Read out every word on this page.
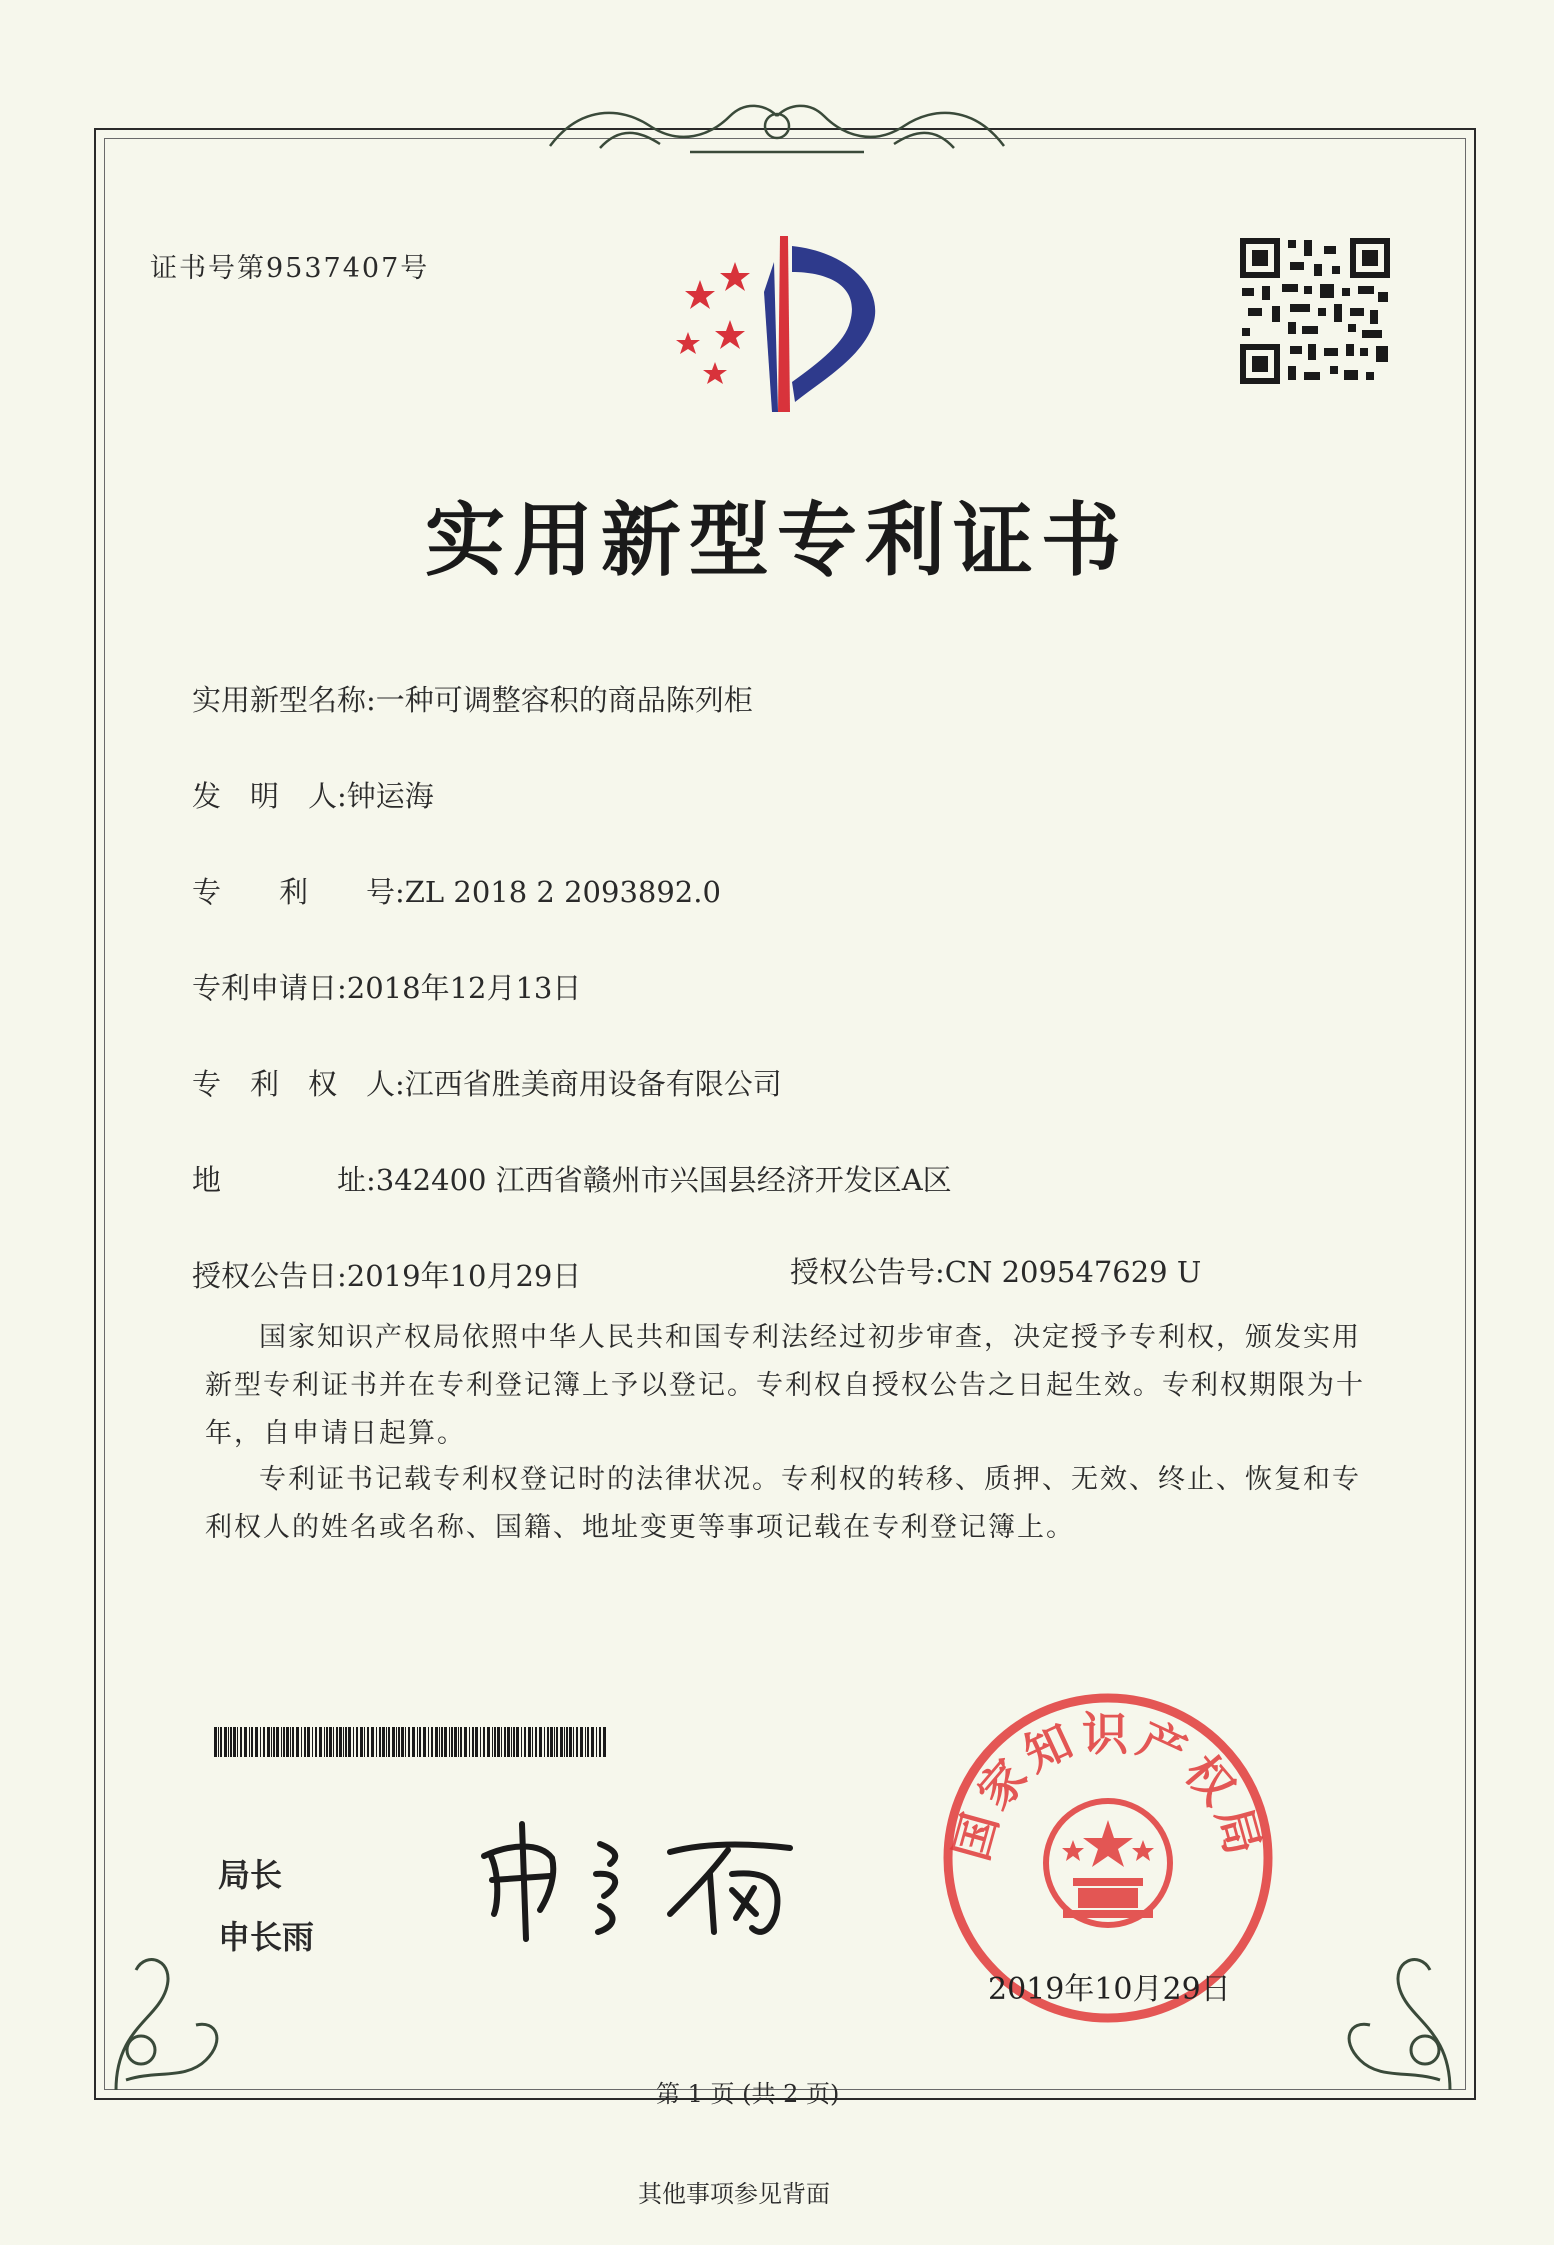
证书号第9537407号
实用新型专利证书
实用新型名称:一种可调整容积的商品陈列柜
发　明　人:钟运海
专　　利　　号:ZL 2018 2 2093892.0
专利申请日:2018年12月13日
专　利　权　人:江西省胜美商用设备有限公司
地　　　　址:342400 江西省赣州市兴国县经济开发区A区
授权公告日:2019年10月29日	授权公告号:CN 209547629 U
国家知识产权局依照中华人民共和国专利法经过初步审查，决定授予专利权，颁发实用新型专利证书并在专利登记簿上予以登记。专利权自授权公告之日起生效。专利权期限为十年，自申请日起算。
专利证书记载专利权登记时的法律状况。专利权的转移、质押、无效、终止、恢复和专利权人的姓名或名称、国籍、地址变更等事项记载在专利登记簿上。
局长
申长雨
国家知识产权局
2019年10月29日
第 1 页 (共 2 页)
其他事项参见背面
